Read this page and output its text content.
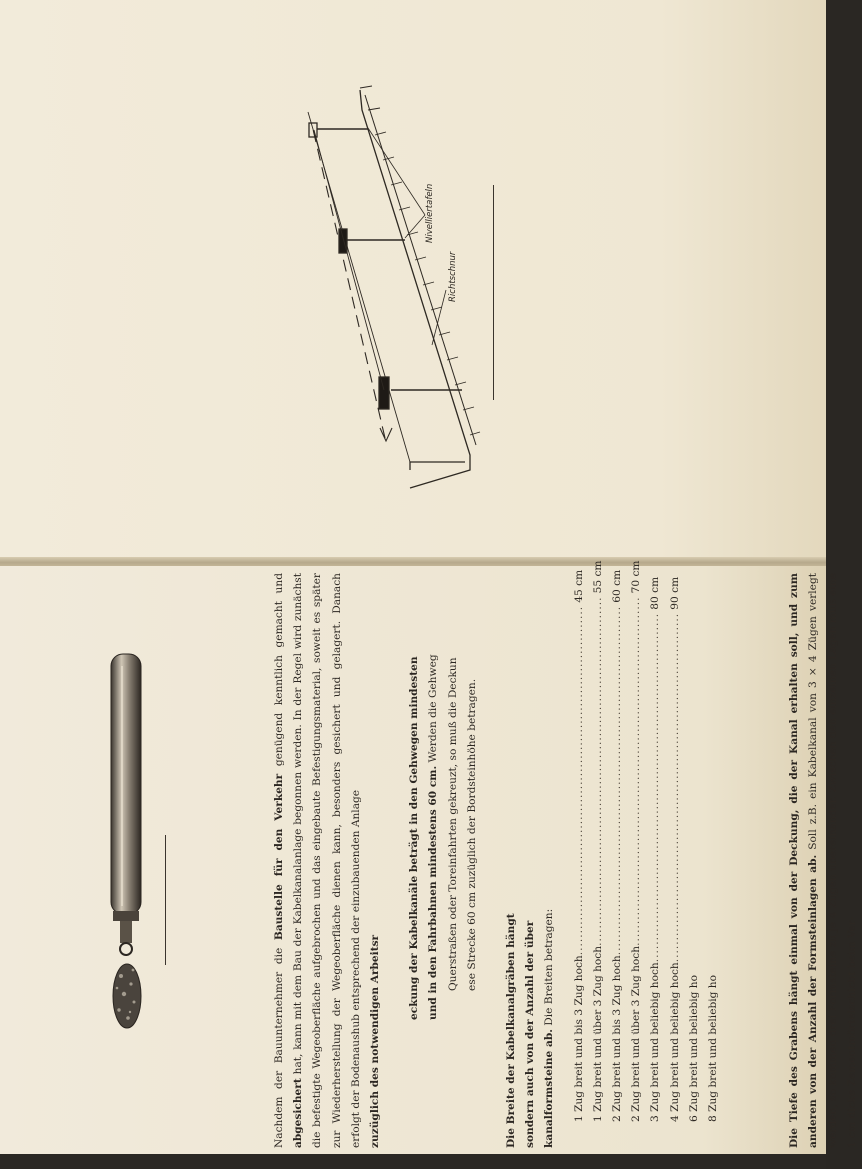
Nivelliertafeln
Richtschnur

Nachdem der Bauunternehmer die Baustelle für den Verkehr genügend kenntlich gemacht und abgesichert hat, kann mit dem Bau der Kabelkanalanlage begonnen werden. In der Regel wird zunächst die befestigte Wegeoberfläche aufgebrochen und das eingebaute Befestigungsmaterial, soweit es später zur Wiederherstellung der Wegeoberfläche dienen kann, besonders gesichert und gelagert. Danach erfolgt der Bodenaushub entsprechend der einzubauenden Anlage zuzüglich des notwendigen Arbeitsr

eckung der Kabelkanäle beträgt in den Gehwegen mindesten und in den Fahrbahnen mindestens 60 cm. Werden die Gehweg Querstraßen oder Toreinfahrten gekreuzt, so muß die Deckun ese Strecke 60 cm zuzüglich der Bordsteinhöhe betragen.
Die Breite der Kabelkanalgräben hängt sondern auch von der Anzahl der über kanalformsteine ab. Die Breiten betragen:	1 Zug breit und bis 3 Zug hoch
................................................................................
45 cm
1 Zug breit und über 3 Zug hoch
................................................................................
55 cm
2 Zug breit und bis 3 Zug hoch
................................................................................
60 cm
2 Zug breit und über 3 Zug hoch
................................................................................
70 cm
3 Zug breit und beliebig hoch
................................................................................
80 cm
4 Zug breit und beliebig hoch
................................................................................
90 cm
6 Zug breit und beliebig ho 8 Zug breit und beliebig ho	Die Tiefe des Grabens hängt einmal von der Deckung, die der Kanal erhalten soll, und zum anderen von der Anzahl der Formsteinlagen ab. Soll z.B. ein Kabelkanal von 3 × 4 Zügen verlegt werden, so kommen drei Formsteine zu je 4 Zügen übereinander. Zwischen den einzelnen Lagen muß eine 1 cm dicke Zementmörtelschicht beim Ver-
